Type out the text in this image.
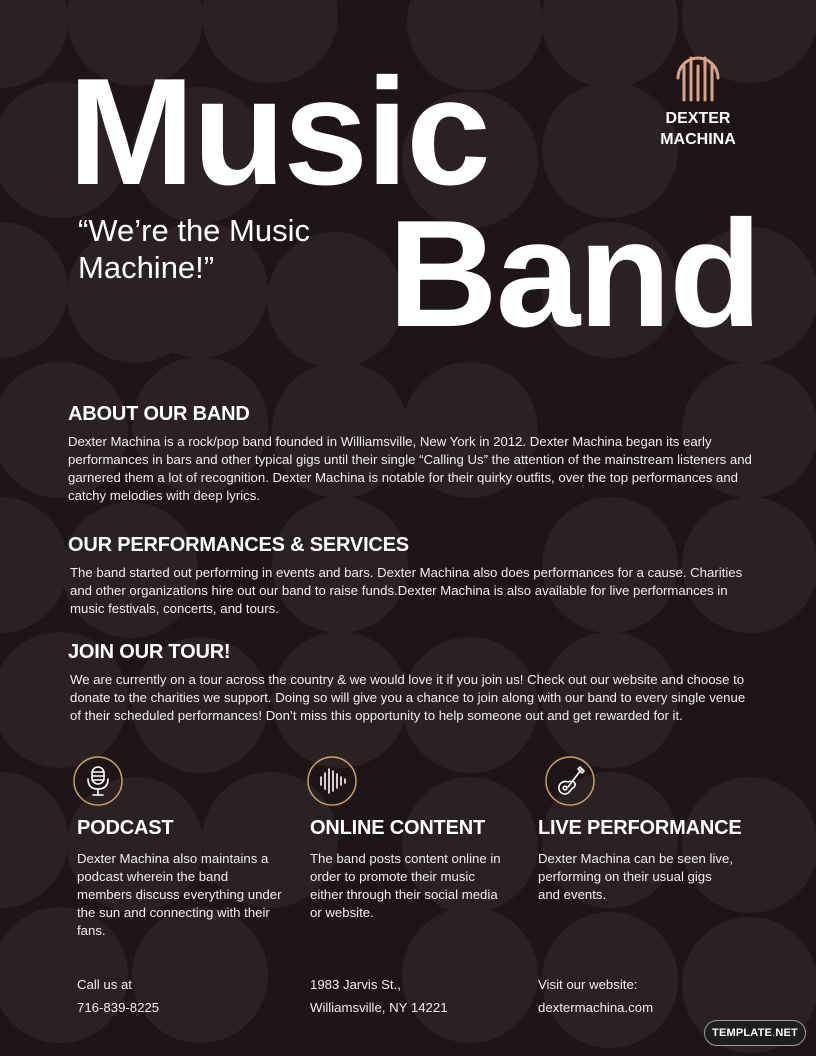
DEXTER

MACHINA

Music
Band
“We’re the Music Machine!”
ABOUT OUR BAND

Dexter Machina is a rock/pop band founded in Williamsville, New York in 2012. Dexter Machina began its early performances in bars and other typical gigs until their single “Calling Us” the attention of the mainstream listeners and garnered them a lot of recognition. Dexter Machina is notable for their quirky outfits, over the top performances and catchy melodies with deep lyrics.

OUR PERFORMANCES & SERVICES

The band started out performing in events and bars. Dexter Machina also does performances for a cause. Charities and other organizations hire out our band to raise funds.Dexter Machina is also available for live performances in music festivals, concerts, and tours.

JOIN OUR TOUR!

We are currently on a tour across the country & we would love it if you join us! Check out our website and choose to donate to the charities we support. Doing so will give you a chance to join along with our band to every single venue of their scheduled performances! Don’t miss this opportunity to help someone out and get rewarded for it.

PODCAST

Dexter Machina also maintains a podcast wherein the band members discuss everything under the sun and connecting with their fans.

ONLINE CONTENT

The band posts content online in order to promote their music either through their social media or website.

LIVE PERFORMANCE

Dexter Machina can be seen live, performing on their usual gigs and events.

Call us at
716-839-8225
1983 Jarvis St.,
Williamsville, NY 14221
Visit our website:
dextermachina.com
TEMPLATE . NET
